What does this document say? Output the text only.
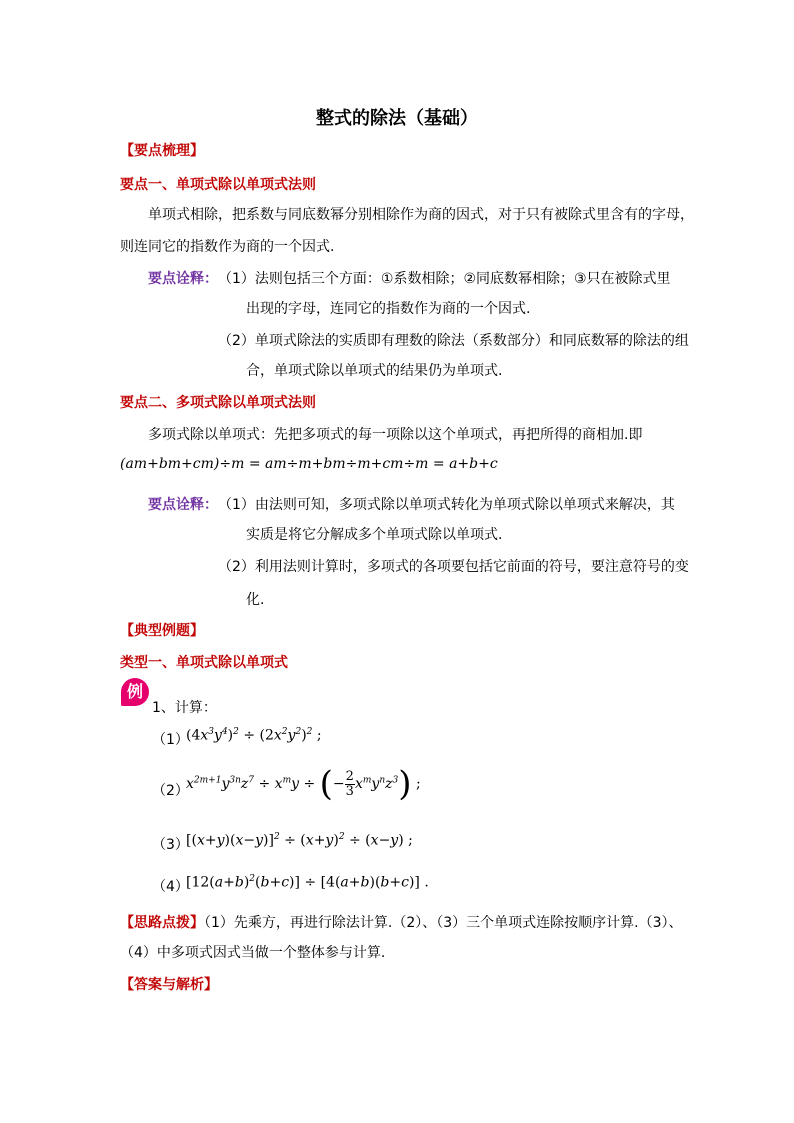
整式的除法（基础）
【要点梳理】
要点一、单项式除以单项式法则
单项式相除，把系数与同底数幂分别相除作为商的因式，对于只有被除式里含有的字母，
则连同它的指数作为商的一个因式.
要点诠释： （1）法则包括三个方面：①系数相除；②同底数幂相除；③只在被除式里
出现的字母，连同它的指数作为商的一个因式.
（2）单项式除法的实质即有理数的除法（系数部分）和同底数幂的除法的组
合，单项式除以单项式的结果仍为单项式.
要点二、多项式除以单项式法则
多项式除以单项式：先把多项式的每一项除以这个单项式，再把所得的商相加.即
(am+bm+cm)÷m = am÷m+bm÷m+cm÷m = a+b+c
要点诠释： （1）由法则可知，多项式除以单项式转化为单项式除以单项式来解决，其
实质是将它分解成多个单项式除以单项式.
（2）利用法则计算时，多项式的各项要包括它前面的符号，要注意符号的变
化.
【典型例题】
类型一、单项式除以单项式
例
1、计算：
（1）
$(4x^3y^4)^2 \div (2x^2y^2)^2$ ;
（2）
$x^{2m+1}y^{3n}z^7 \div x^my$ ÷ (− $\frac{2}{3} x^my^nz^3$) ;
（3）
$[(x+y)(x-y)]^2 \div (x+y)^2 \div (x-y)$ ;
（4）
$[12(a+b)^2(b+c)] \div [4(a+b)(b+c)]$ .
【思路点拨】（1）先乘方，再进行除法计算.（2）、（3）三个单项式连除按顺序计算.（3）、
（4）中多项式因式当做一个整体参与计算.
【答案与解析】
